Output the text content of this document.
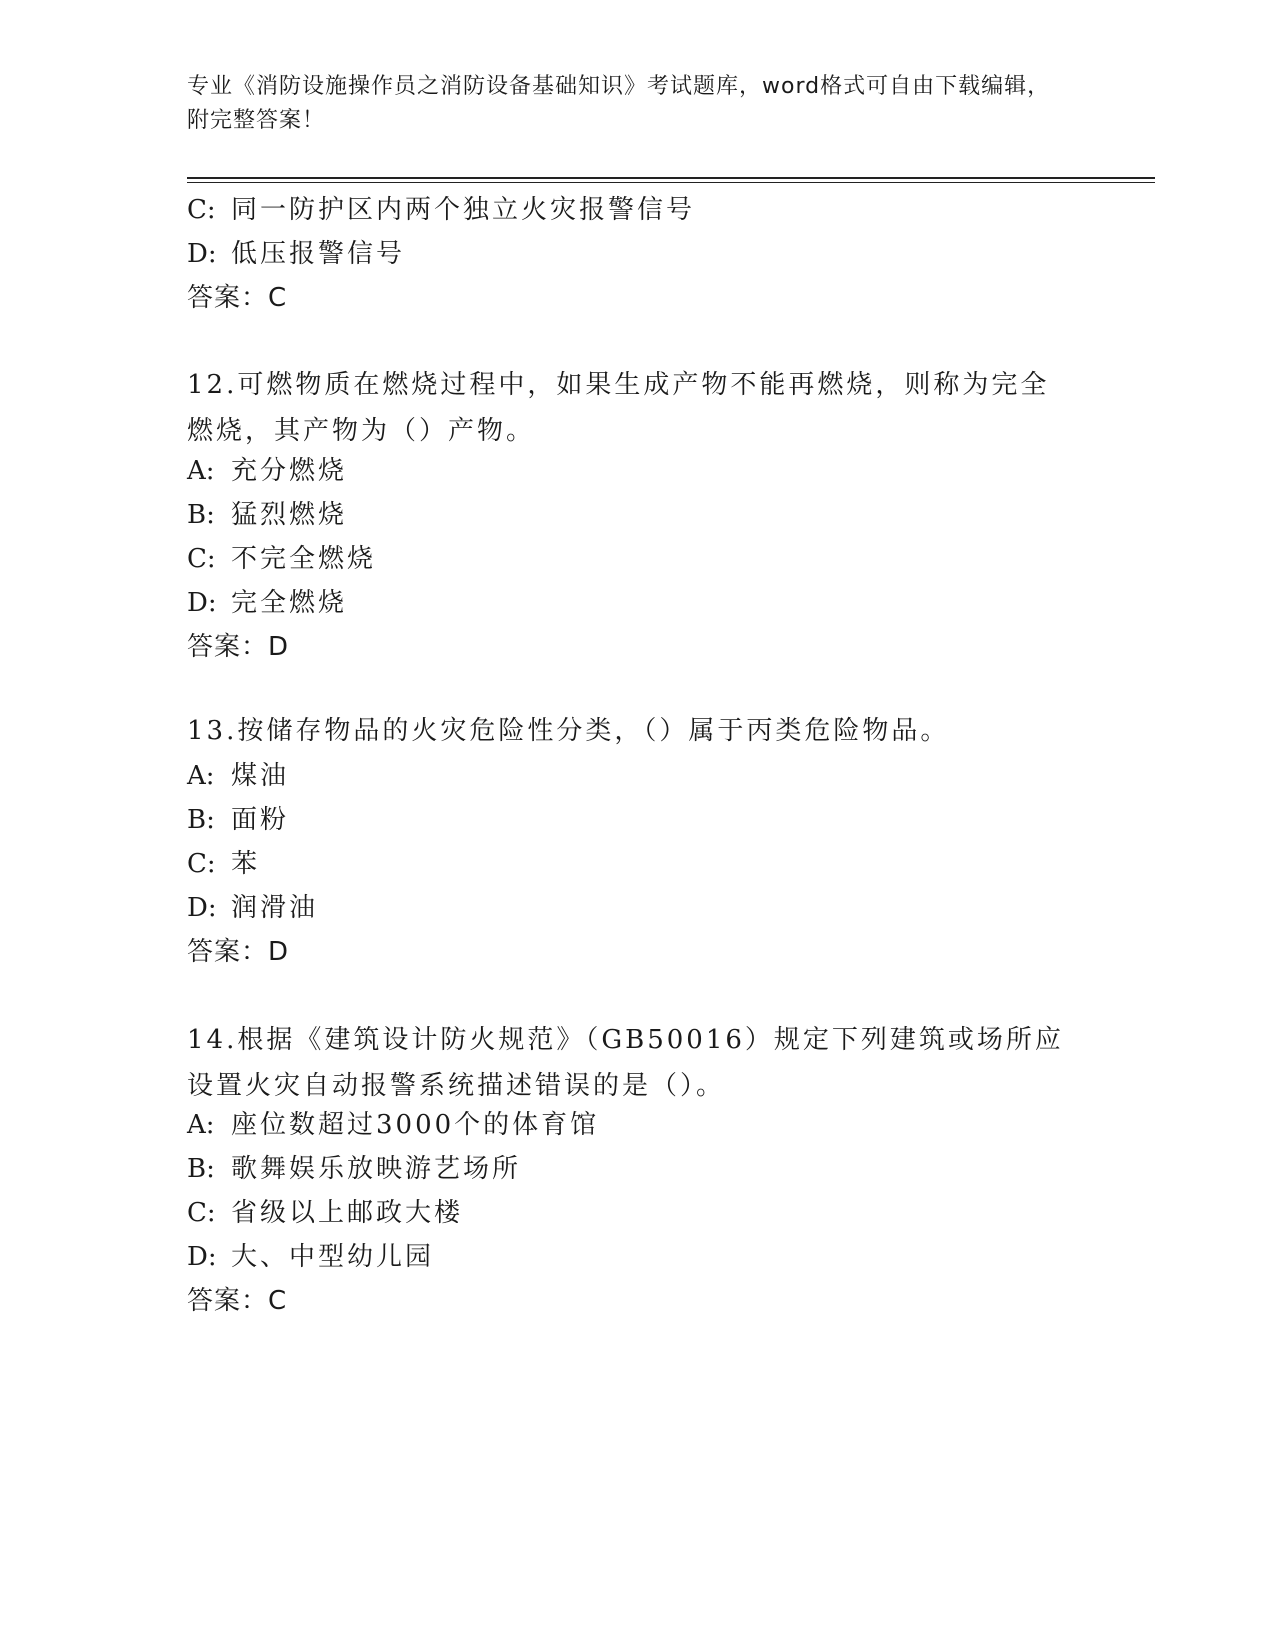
专业《消防设施操作员之消防设备基础知识》考试题库，word格式可自由下载编辑，附完整答案！
C: 同一防护区内两个独立火灾报警信号
D: 低压报警信号
答案：C
12.可燃物质在燃烧过程中，如果生成产物不能再燃烧，则称为完全燃烧，其产物为（）产物。
A: 充分燃烧
B: 猛烈燃烧
C: 不完全燃烧
D: 完全燃烧
答案：D
13.按储存物品的火灾危险性分类，（）属于丙类危险物品。
A: 煤油
B: 面粉
C: 苯
D: 润滑油
答案：D
14.根据《建筑设计防火规范》（GB50016）规定下列建筑或场所应设置火灾自动报警系统描述错误的是（）。
A: 座位数超过3000个的体育馆
B: 歌舞娱乐放映游艺场所
C: 省级以上邮政大楼
D: 大、中型幼儿园
答案：C
